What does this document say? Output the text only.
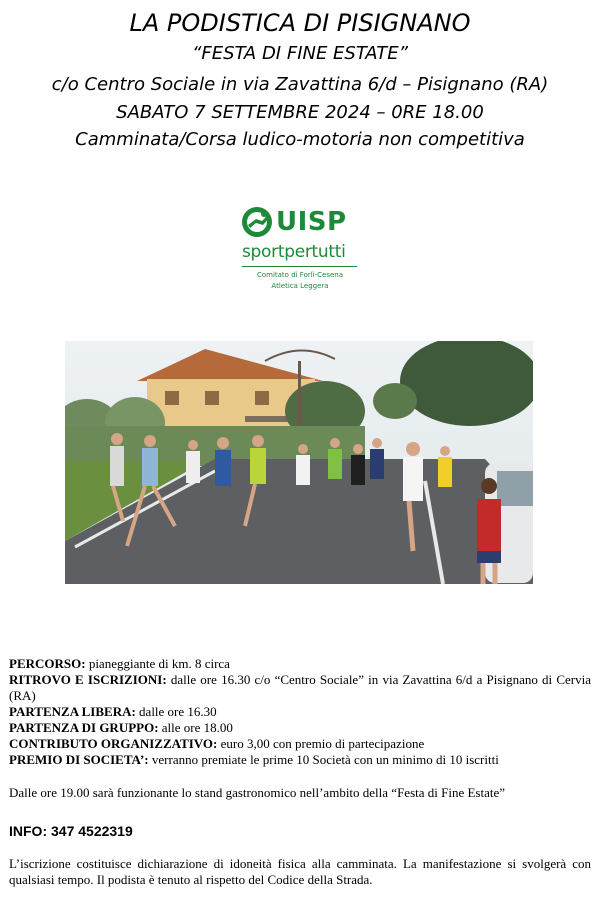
LA PODISTICA DI PISIGNANO
“FESTA DI FINE ESTATE”
c/o Centro Sociale in via Zavattina 6/d – Pisignano (RA)
SABATO 7 SETTEMBRE 2024 – 0RE 18.00
Camminata/Corsa ludico-motoria non competitiva
UISP
sportpertutti
Comitato di Forlì-Cesena
Atletica Leggera
PERCORSO: pianeggiante di km. 8 circa
RITROVO E ISCRIZIONI: dalle ore 16.30 c/o “Centro Sociale” in via Zavattina 6/d a Pisignano di Cervia (RA)
PARTENZA LIBERA: dalle ore 16.30
PARTENZA DI GRUPPO: alle ore 18.00
CONTRIBUTO ORGANIZZATIVO: euro 3,00 con premio di partecipazione
PREMIO DI SOCIETA’: verranno premiate le prime 10 Società con un minimo di 10 iscritti
Dalle ore 19.00 sarà funzionante lo stand gastronomico nell’ambito della “Festa di Fine Estate”
INFO: 347 4522319
L’iscrizione costituisce dichiarazione di idoneità fisica alla camminata. La manifestazione si svolgerà con qualsiasi tempo. Il podista è tenuto al rispetto del Codice della Strada.
